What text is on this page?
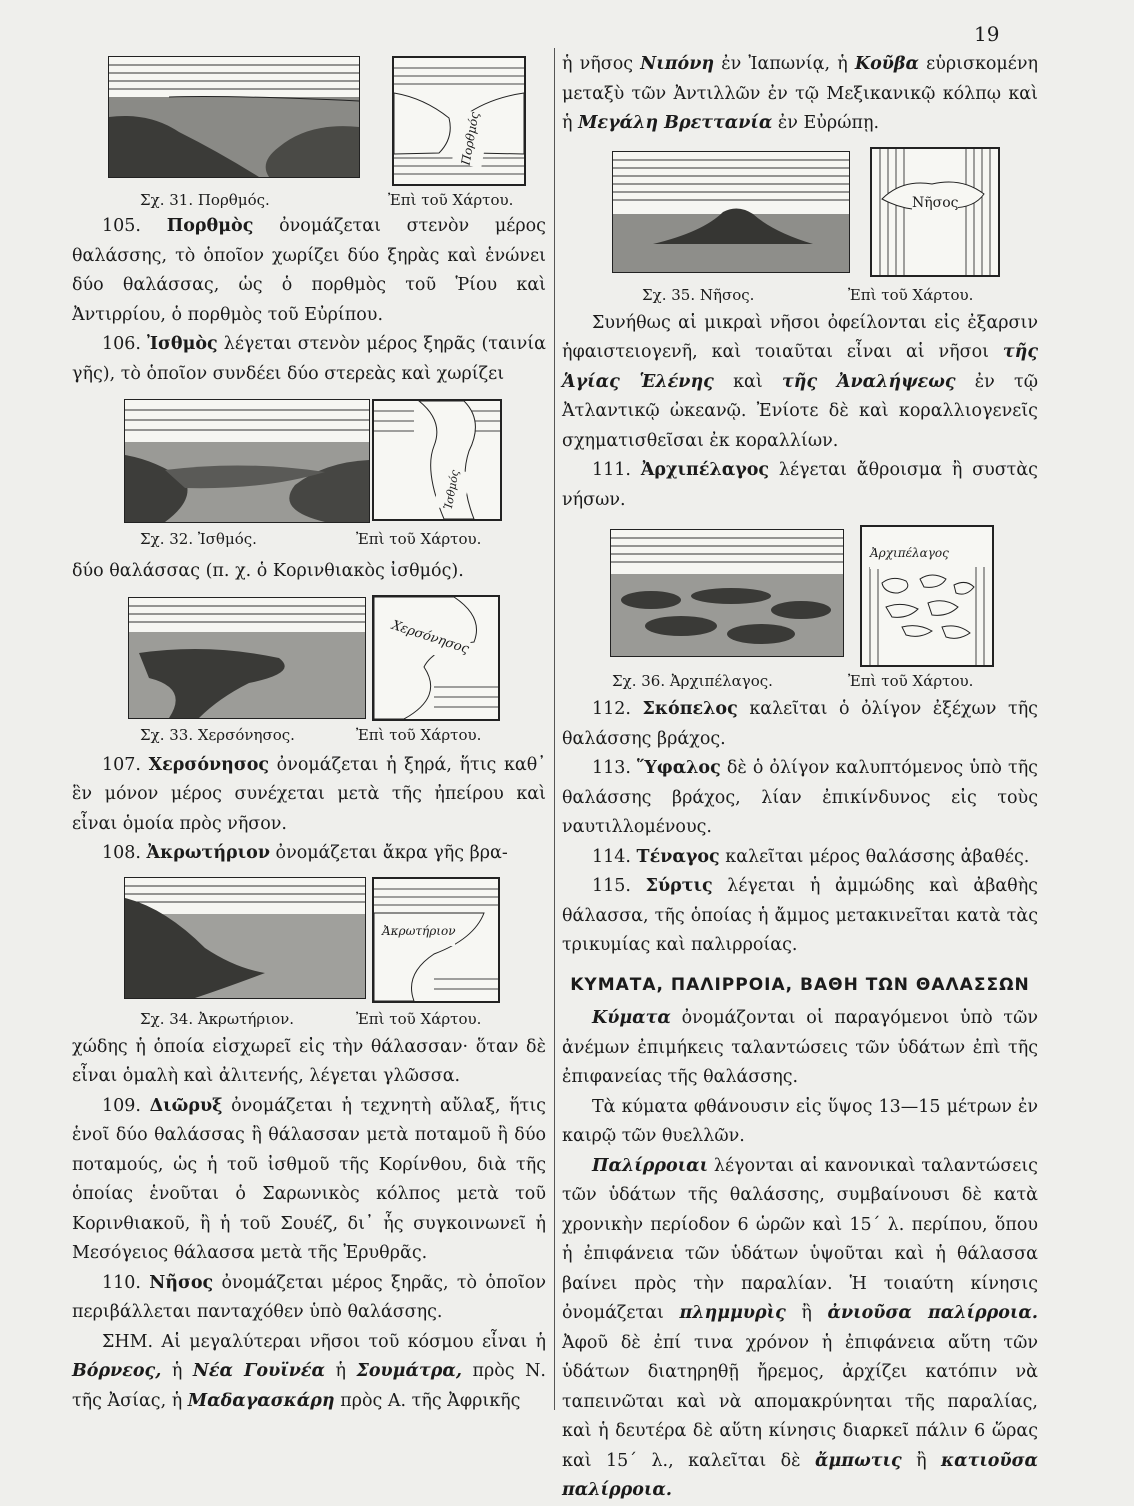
19
Πορθμός
Σχ. 31. Πορθμός.	Ἐπὶ τοῦ Χάρτου.

105. Πορθμὸς ὀνομάζεται στενὸν μέρος θαλάσσης, τὸ ὁποῖον χωρίζει δύο ξηρὰς καὶ ἑνώνει δύο θαλάσσας, ὡς ὁ πορθμὸς τοῦ Ῥίου καὶ Ἀντιρρίου, ὁ πορθμὸς τοῦ Εὐρίπου.

106. Ἰσθμὸς λέγεται στενὸν μέρος ξηρᾶς (ταινία γῆς), τὸ ὁποῖον συνδέει δύο στερεὰς καὶ χωρίζει

Ἰσθμός
Σχ. 32. Ἰσθμός.	Ἐπὶ τοῦ Χάρτου.

δύο θαλάσσας (π. χ. ὁ Κορινθιακὸς ἰσθμός).

Χερσόνησος
Σχ. 33. Χερσόνησος.	Ἐπὶ τοῦ Χάρτου.

107. Χερσόνησος ὀνομάζεται ἡ ξηρά, ἥτις καθ᾽ ἓν μόνον μέρος συνέχεται μετὰ τῆς ἠπείρου καὶ εἶναι ὁμοία πρὸς νῆσον.

108. Ἀκρωτήριον ὀνομάζεται ἄκρα γῆς βρα-

Ἀκρωτήριον
Σχ. 34. Ἀκρωτήριον.	Ἐπὶ τοῦ Χάρτου.

χώδης ἡ ὁποία εἰσχωρεῖ εἰς τὴν θάλασσαν· ὅταν δὲ εἶναι ὁμαλὴ καὶ ἀλιτενής, λέγεται γλῶσσα.

109. Διῶρυξ ὀνομάζεται ἡ τεχνητὴ αὔλαξ, ἥτις ἑνοῖ δύο θαλάσσας ἢ θάλασσαν μετὰ ποταμοῦ ἢ δύο ποταμούς, ὡς ἡ τοῦ ἰσθμοῦ τῆς Κορίνθου, διὰ τῆς ὁποίας ἑνοῦται ὁ Σαρωνικὸς κόλπος μετὰ τοῦ Κορινθιακοῦ, ἢ ἡ τοῦ Σουέζ, δι᾽ ἧς συγκοινωνεῖ ἡ Μεσόγειος θάλασσα μετὰ τῆς Ἐρυθρᾶς.

110. Νῆσος ὀνομάζεται μέρος ξηρᾶς, τὸ ὁποῖον περιβάλλεται πανταχόθεν ὑπὸ θαλάσσης.

ΣΗΜ. Αἱ μεγαλύτεραι νῆσοι τοῦ κόσμου εἶναι ἡ Βόρνεος, ἡ Νέα Γουϊνέα ἡ Σουμάτρα, πρὸς Ν. τῆς Ἀσίας, ἡ Μαδαγασκάρη πρὸς Α. τῆς Ἀφρικῆς

ἡ νῆσος Νιπόνη ἐν Ἰαπωνίᾳ, ἡ Κοῦβα εὑρισκομένη μεταξὺ τῶν Ἀντιλλῶν ἐν τῷ Μεξικανικῷ κόλπῳ καὶ ἡ Μεγάλη Βρεττανία ἐν Εὐρώπῃ.

Νῆσος
Σχ. 35. Νῆσος.	Ἐπὶ τοῦ Χάρτου.

Συνήθως αἱ μικραὶ νῆσοι ὀφείλονται εἰς ἐξαρσιν ἡφαιστειογενῆ, καὶ τοιαῦται εἶναι αἱ νῆσοι τῆς Ἁγίας Ἑλένης καὶ τῆς Ἀναλήψεως ἐν τῷ Ἀτλαντικῷ ὠκεανῷ. Ἐνίοτε δὲ καὶ κοραλλιογενεῖς σχηματισθεῖσαι ἐκ κοραλλίων.

111. Ἀρχιπέλαγος λέγεται ἄθροισμα ἢ συστὰς νήσων.

Ἀρχιπέλαγος
Σχ. 36. Ἀρχιπέλαγος.	Ἐπὶ τοῦ Χάρτου.

112. Σκόπελος καλεῖται ὁ ὀλίγον ἐξέχων τῆς θαλάσσης βράχος.

113. Ὕφαλος δὲ ὁ ὀλίγον καλυπτόμενος ὑπὸ τῆς θαλάσσης βράχος, λίαν ἐπικίνδυνος εἰς τοὺς ναυτιλλομένους.

114. Τέναγος καλεῖται μέρος θαλάσσης ἀβαθές.

115. Σύρτις λέγεται ἡ ἀμμώδης καὶ ἀβαθὴς θάλασσα, τῆς ὁποίας ἡ ἄμμος μετακινεῖται κατὰ τὰς τρικυμίας καὶ παλιρροίας.

ΚΥΜΑΤΑ, ΠΑΛΙΡΡΟΙΑ, ΒΑΘΗ ΤΩΝ ΘΑΛΑΣΣΩΝ

Κύματα ὀνομάζονται οἱ παραγόμενοι ὑπὸ τῶν ἀνέμων ἐπιμήκεις ταλαντώσεις τῶν ὑδάτων ἐπὶ τῆς ἐπιφανείας τῆς θαλάσσης.

Τὰ κύματα φθάνουσιν εἰς ὕψος 13—15 μέτρων ἐν καιρῷ τῶν θυελλῶν.

Παλίρροιαι λέγονται αἱ κανονικαὶ ταλαντώσεις τῶν ὑδάτων τῆς θαλάσσης, συμβαίνουσι δὲ κατὰ χρονικὴν περίοδον 6 ὡρῶν καὶ 15΄ λ. περίπου, ὅπου ἡ ἐπιφάνεια τῶν ὑδάτων ὑψοῦται καὶ ἡ θάλασσα βαίνει πρὸς τὴν παραλίαν. Ἡ τοιαύτη κίνησις ὀνομάζεται πλημμυρὶς ἢ ἀνιοῦσα παλίρροια. Ἀφοῦ δὲ ἐπί τινα χρόνον ἡ ἐπιφάνεια αὕτη τῶν ὑδάτων διατηρηθῇ ἤρεμος, ἀρχίζει κατόπιν νὰ ταπεινῶται καὶ νὰ απομακρύνηται τῆς παραλίας, καὶ ἡ δευτέρα δὲ αὕτη κίνησις διαρκεῖ πάλιν 6 ὥρας καὶ 15΄ λ., καλεῖται δὲ ἄμπωτις ἢ κατιοῦσα παλίρροια.
